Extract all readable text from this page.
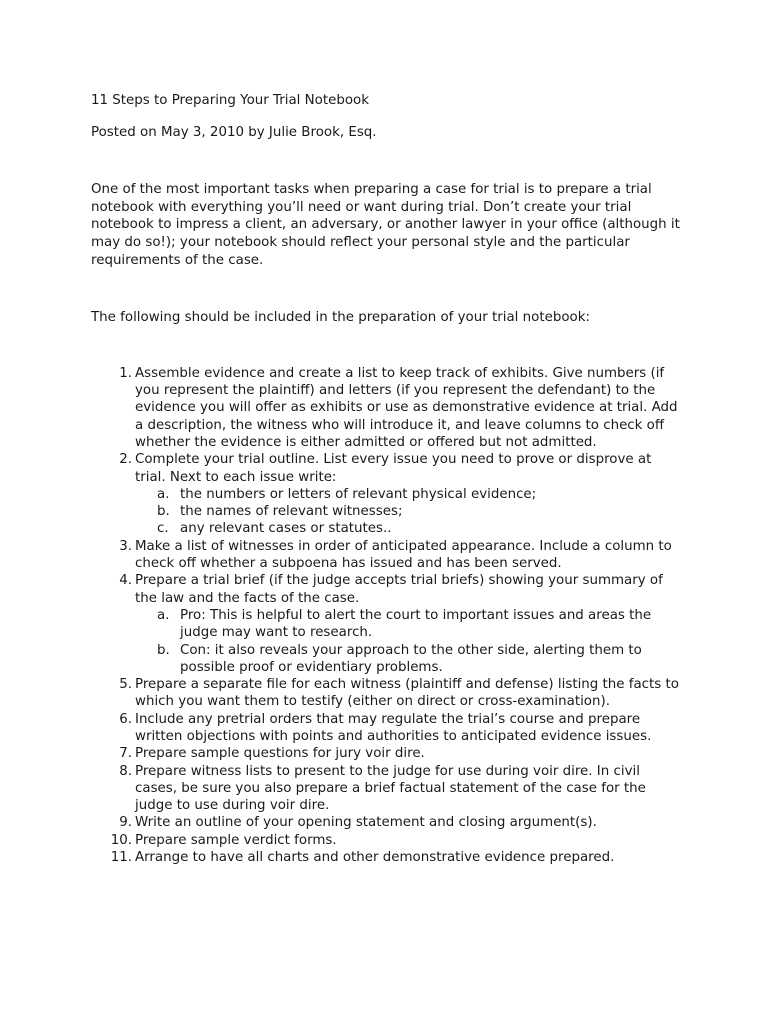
11 Steps to Preparing Your Trial Notebook

Posted on May 3, 2010 by Julie Brook, Esq.

One of the most important tasks when preparing a case for trial is to prepare a trial notebook with everything you’ll need or want during trial. Don’t create your trial notebook to impress a client, an adversary, or another lawyer in your office (although it may do so!); your notebook should reflect your personal style and the particular requirements of the case.

The following should be included in the preparation of your trial notebook:

1. Assemble evidence and create a list to keep track of exhibits. Give numbers (if you represent the plaintiff) and letters (if you represent the defendant) to the evidence you will offer as exhibits or use as demonstrative evidence at trial. Add a description, the witness who will introduce it, and leave columns to check off whether the evidence is either admitted or offered but not admitted.
2. Complete your trial outline. List every issue you need to prove or disprove at trial. Next to each issue write:
a. the numbers or letters of relevant physical evidence;
b. the names of relevant witnesses;
c. any relevant cases or statutes..
3. Make a list of witnesses in order of anticipated appearance. Include a column to check off whether a subpoena has issued and has been served.
4. Prepare a trial brief (if the judge accepts trial briefs) showing your summary of the law and the facts of the case.
a. Pro: This is helpful to alert the court to important issues and areas the judge may want to research.
b. Con: it also reveals your approach to the other side, alerting them to possible proof or evidentiary problems.
5. Prepare a separate file for each witness (plaintiff and defense) listing the facts to which you want them to testify (either on direct or cross-examination).
6. Include any pretrial orders that may regulate the trial’s course and prepare written objections with points and authorities to anticipated evidence issues.
7. Prepare sample questions for jury voir dire.
8. Prepare witness lists to present to the judge for use during voir dire. In civil cases, be sure you also prepare a brief factual statement of the case for the judge to use during voir dire.
9. Write an outline of your opening statement and closing argument(s).
10. Prepare sample verdict forms.
11. Arrange to have all charts and other demonstrative evidence prepared.
